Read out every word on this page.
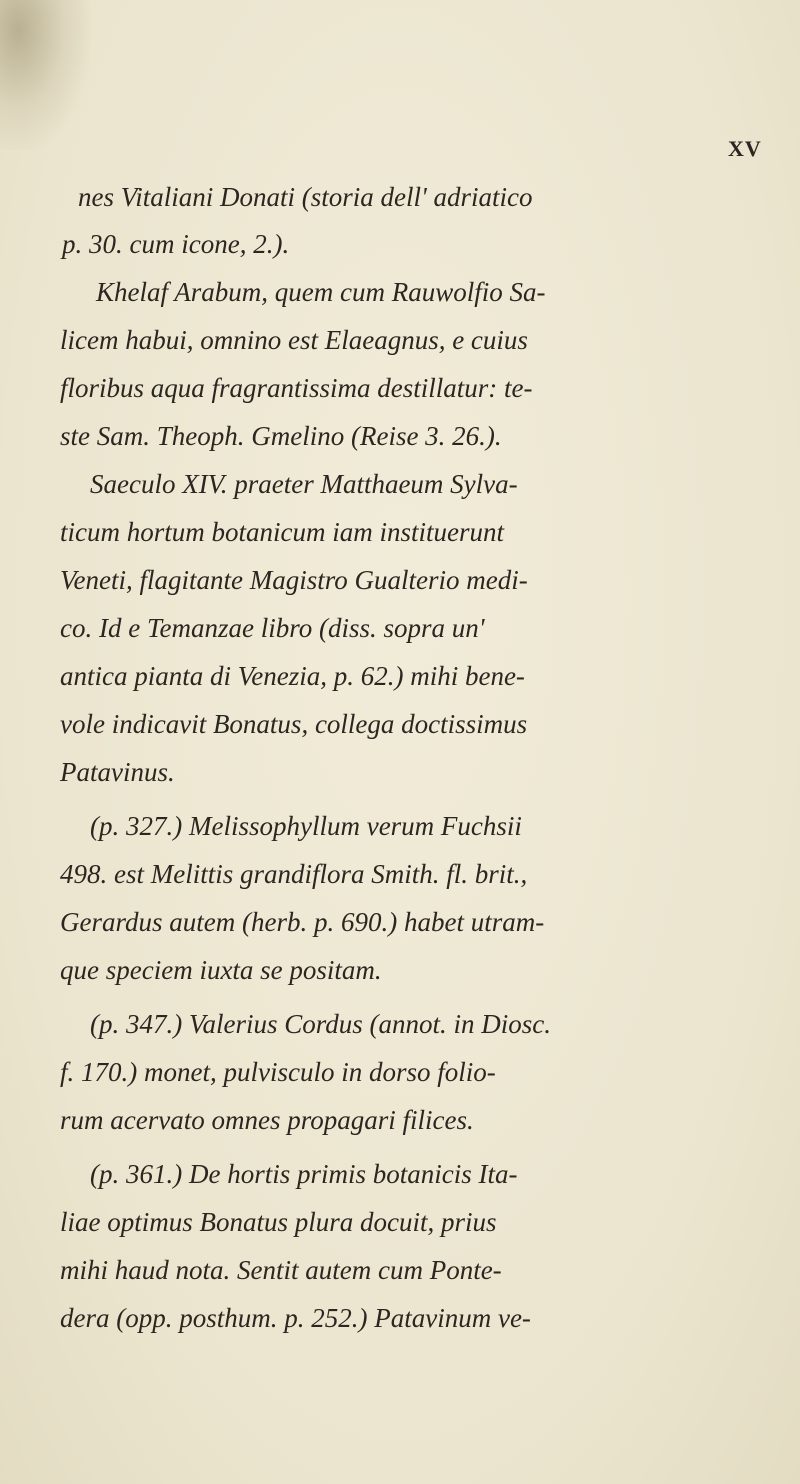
XV
nes Vitaliani Donati (storia dell' adriatico
p. 30. cum icone, 2.).
Khelaf Arabum, quem cum Rauwolfio Sa-
licem habui, omnino est Elaeagnus, e cuius
floribus aqua fragrantissima destillatur: te-
ste Sam. Theoph. Gmelino (Reise 3. 26.).
Saeculo XIV. praeter Matthaeum Sylva-
ticum hortum botanicum iam instituerunt
Veneti, flagitante Magistro Gualterio medi-
co. Id e Temanzae libro (diss. sopra un'
antica pianta di Venezia, p. 62.) mihi bene-
vole indicavit Bonatus, collega doctissimus
Patavinus.
(p. 327.) Melissophyllum verum Fuchsii
498. est Melittis grandiflora Smith. fl. brit.,
Gerardus autem (herb. p. 690.) habet utram-
que speciem iuxta se positam.
(p. 347.) Valerius Cordus (annot. in Diosc.
f. 170.) monet, pulvisculo in dorso folio-
rum acervato omnes propagari filices.
(p. 361.) De hortis primis botanicis Ita-
liae optimus Bonatus plura docuit, prius
mihi haud nota. Sentit autem cum Ponte-
dera (opp. posthum. p. 252.) Patavinum ve-
